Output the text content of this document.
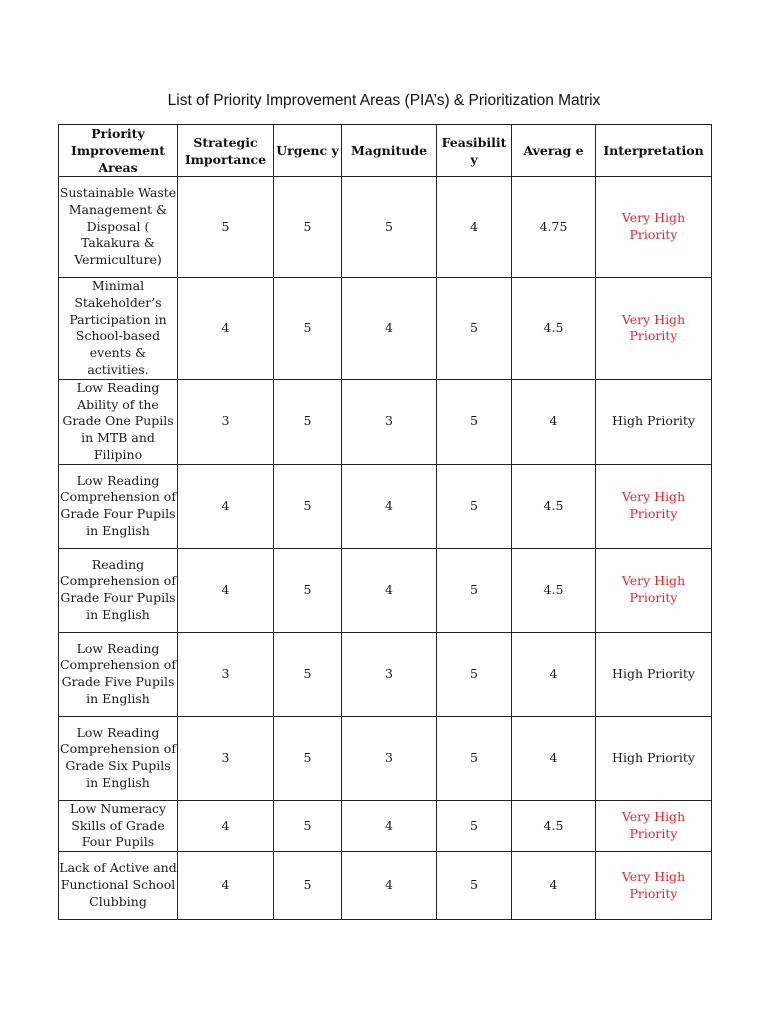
List of Priority Improvement Areas (PIA’s) & Prioritization Matrix
Priority Improvement Areas	Strategic Importance	Urgenc y	Magnitude	Feasibilit y	Averag e	Interpretation
Sustainable Waste Management & Disposal ( Takakura & Vermiculture)	5	5	5	4	4.75	Very High Priority
Minimal Stakeholder’s Participation in School-based events & activities.	4	5	4	5	4.5	Very High Priority
Low Reading Ability of the Grade One Pupils in MTB and Filipino	3	5	3	5	4	High Priority
Low Reading Comprehension of Grade Four Pupils in English	4	5	4	5	4.5	Very High Priority
Reading Comprehension of Grade Four Pupils in English	4	5	4	5	4.5	Very High Priority
Low Reading Comprehension of Grade Five Pupils in English	3	5	3	5	4	High Priority
Low Reading Comprehension of Grade Six Pupils in English	3	5	3	5	4	High Priority
Low Numeracy Skills of Grade Four Pupils	4	5	4	5	4.5	Very High Priority
Lack of Active and Functional School Clubbing	4	5	4	5	4	Very High Priority
